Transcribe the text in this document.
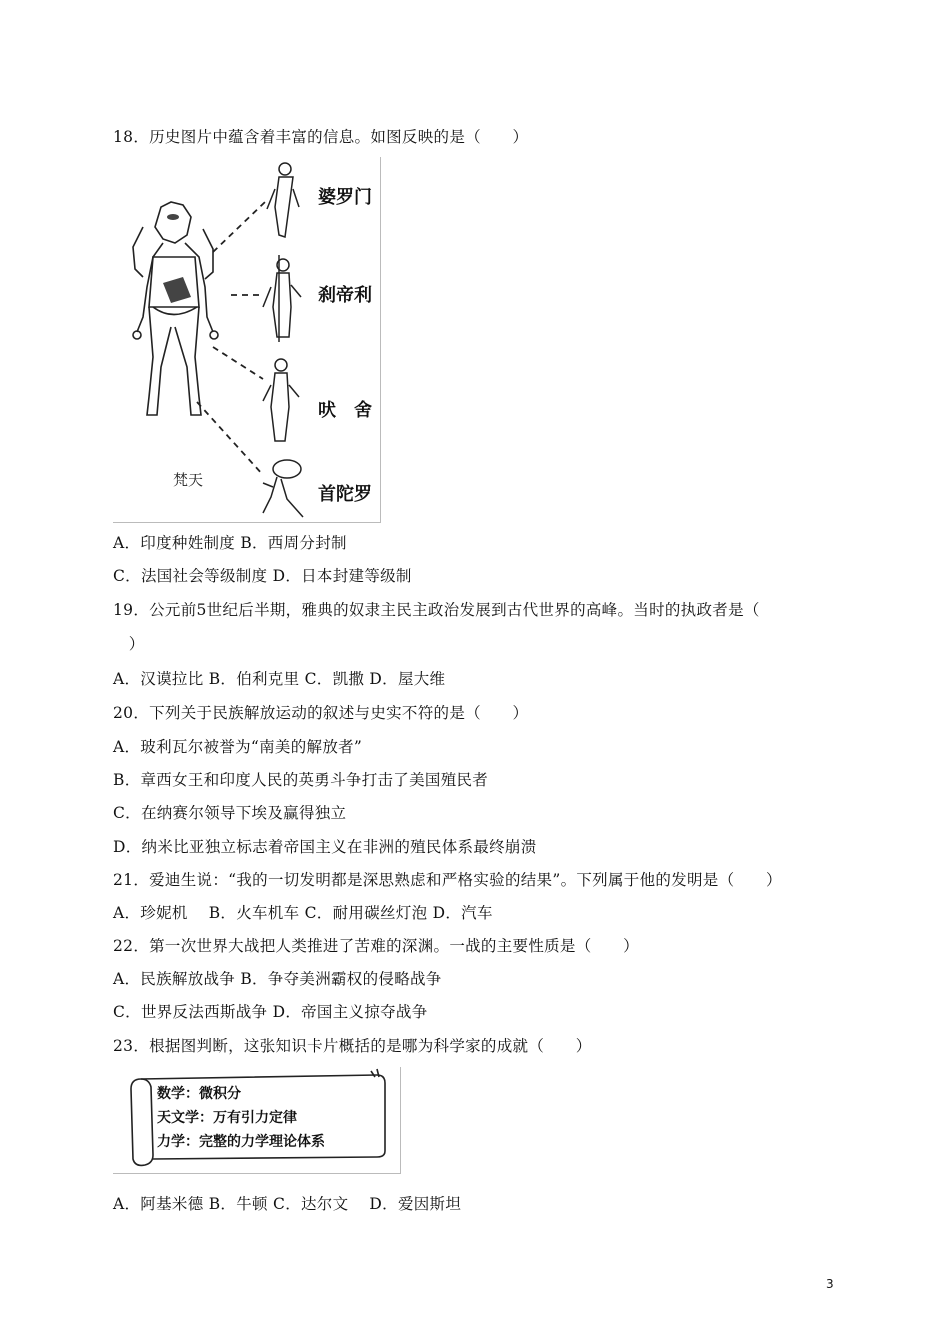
18．历史图片中蕴含着丰富的信息。如图反映的是（　　）
婆罗门
刹帝利
吠　舍
首陀罗
梵天
A．印度种姓制度 B．西周分封制
C．法国社会等级制度 D．日本封建等级制
19．公元前5世纪后半期，雅典的奴隶主民主政治发展到古代世界的高峰。当时的执政者是（
　）
A．汉谟拉比 B．伯利克里 C．凯撒 D．屋大维
20．下列关于民族解放运动的叙述与史实不符的是（　　）
A．玻利瓦尔被誉为“南美的解放者”
B．章西女王和印度人民的英勇斗争打击了美国殖民者
C．在纳赛尔领导下埃及赢得独立
D．纳米比亚独立标志着帝国主义在非洲的殖民体系最终崩溃
21．爱迪生说：“我的一切发明都是深思熟虑和严格实验的结果”。下列属于他的发明是（　　）
A．珍妮机　 B．火车机车 C．耐用碳丝灯泡 D．汽车
22．第一次世界大战把人类推进了苦难的深渊。一战的主要性质是（　　）
A．民族解放战争 B．争夺美洲霸权的侵略战争
C．世界反法西斯战争 D．帝国主义掠夺战争
23．根据图判断，这张知识卡片概括的是哪为科学家的成就（　　）
数学：微积分
天文学：万有引力定律
力学：完整的力学理论体系
A．阿基米德 B．牛顿 C．达尔文　 D．爱因斯坦
3
